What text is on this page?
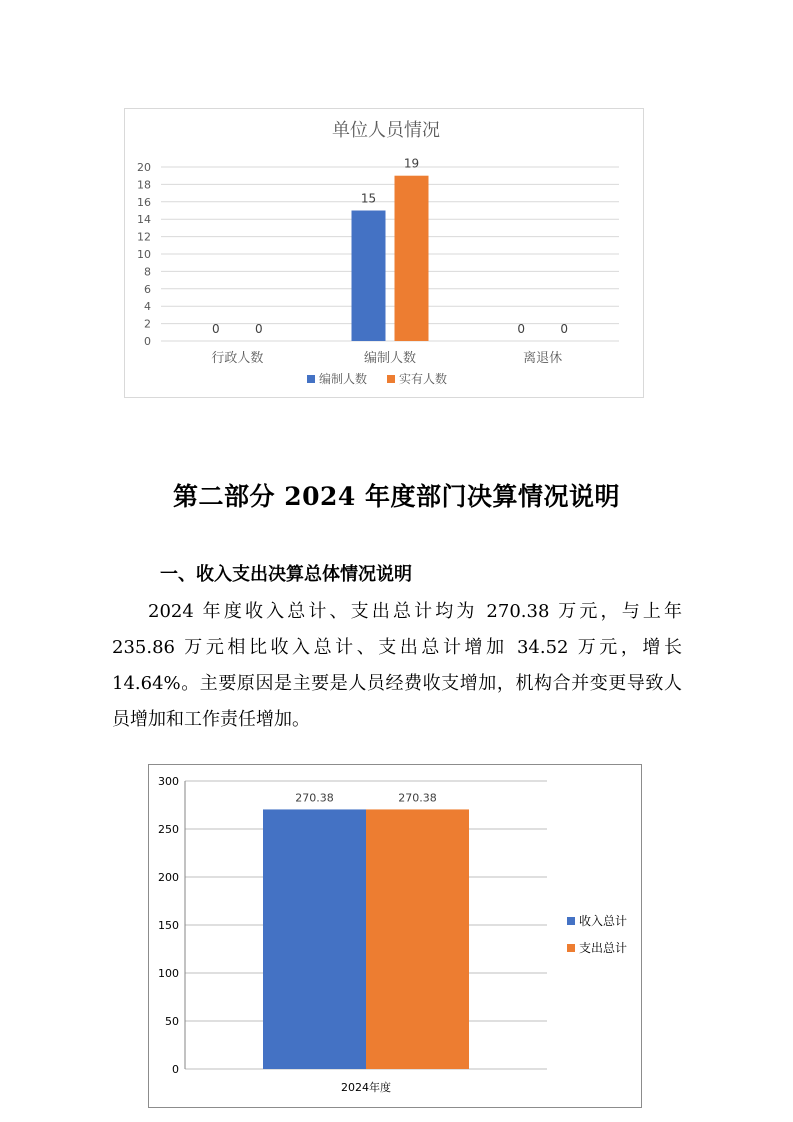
单位人员情况
0
2
4
6
8
10
12
14
16
18
20
0	0
行政人数
15
19
编制人数
0	0
离退休
编制人数	实有人数
第二部分 2024 年度部门决算情况说明
一、收入支出决算总体情况说明

2024 年度收入总计、支出总计均为 270.38 万元，与上年 235.86 万元相比收入总计、支出总计增加 34.52 万元，增长 14.64%。主要原因是主要是人员经费收支增加，机构合并变更导致人员增加和工作责任增加。

0
50
100
150
200
250
300
270.38	270.38
2024年度
收入总计
支出总计
